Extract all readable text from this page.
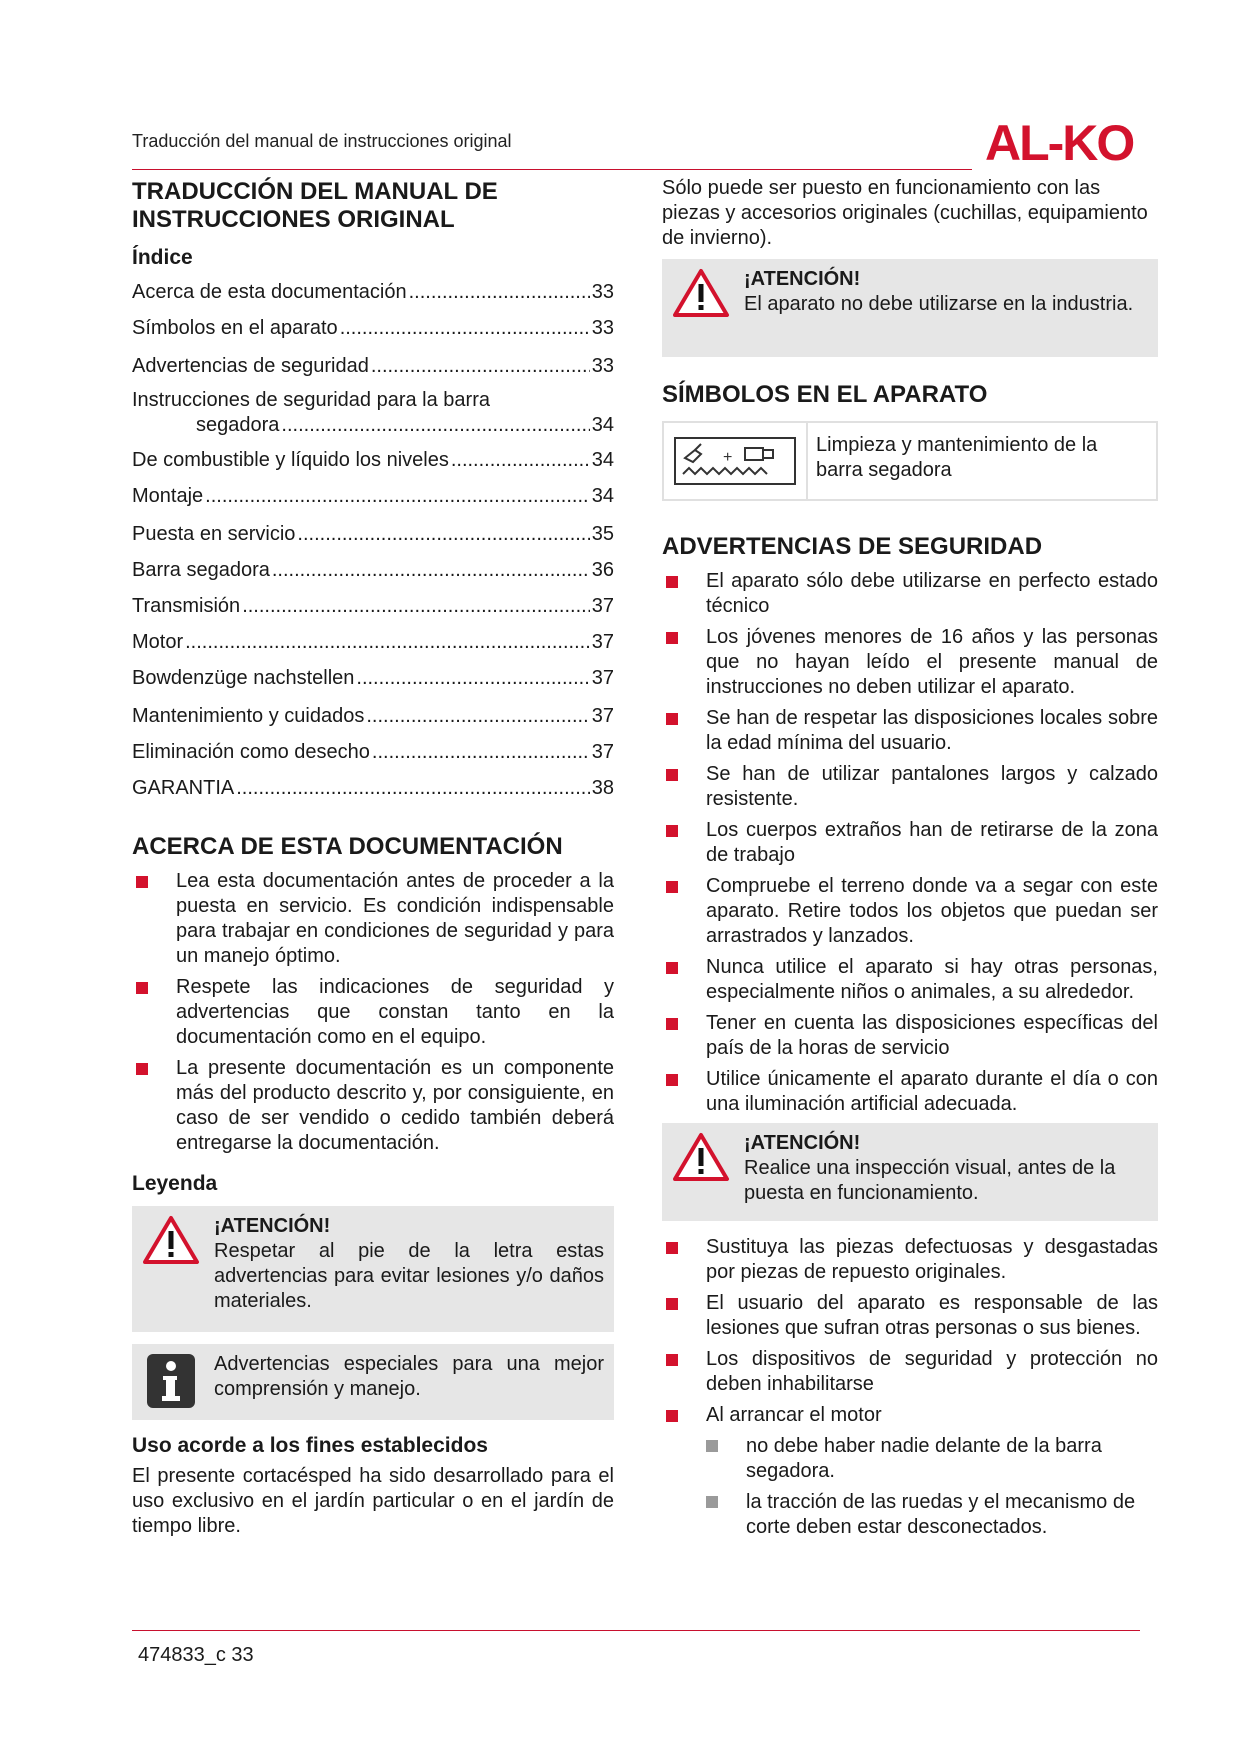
Traducción del manual de instrucciones original	AL-KO
TRADUCCIÓN DEL MANUAL DE INSTRUCCIONES ORIGINAL
Índice
Acerca de esta documentación .....	33
Símbolos en el aparato .....	33
Advertencias de seguridad .....	33
Instrucciones de seguridad para la barra
segadora .....	34
De combustible y líquido los niveles .....	34
Montaje .....	34
Puesta en servicio .....	35
Barra segadora .....	36
Transmisión .....	37
Motor .....	37
Bowdenzüge nachstellen .....	37
Mantenimiento y cuidados .....	37
Eliminación como desecho .....	37
GARANTIA .....	38
ACERCA DE ESTA DOCUMENTACIÓN
Lea esta documentación antes de proceder a la puesta en servicio. Es condición indispensable para trabajar en condiciones de seguridad y para un manejo óptimo.
Respete las indicaciones de seguridad y advertencias que constan tanto en la documentación como en el equipo.
La presente documentación es un componente más del producto descrito y, por consiguiente, en caso de ser vendido o cedido también deberá entregarse la documentación.
Leyenda
¡ATENCIÓN!
Respetar al pie de la letra estas advertencias para evitar lesiones y/o daños materiales.
Advertencias especiales para una mejor comprensión y manejo.
Uso acorde a los fines establecidos

El presente cortacésped ha sido desarrollado para el uso exclusivo en el jardín particular o en el jardín de tiempo libre.

Sólo puede ser puesto en funcionamiento con las piezas y accesorios originales (cuchillas, equipamiento de invierno).

¡ATENCIÓN!
El aparato no debe utilizarse en la industria.
SÍMBOLOS EN EL APARATO
+
Limpieza y mantenimiento de la barra segadora
ADVERTENCIAS DE SEGURIDAD
El aparato sólo debe utilizarse en perfecto estado técnico
Los jóvenes menores de 16 años y las personas que no hayan leído el presente manual de instrucciones no deben utilizar el aparato.
Se han de respetar las disposiciones locales sobre la edad mínima del usuario.
Se han de utilizar pantalones largos y calzado resistente.
Los cuerpos extraños han de retirarse de la zona de trabajo
Compruebe el terreno donde va a segar con este aparato. Retire todos los objetos que puedan ser arrastrados y lanzados.
Nunca utilice el aparato si hay otras personas, especialmente niños o animales, a su alrededor.
Tener en cuenta las disposiciones específicas del país de la horas de servicio
Utilice únicamente el aparato durante el día o con una iluminación artificial adecuada.
¡ATENCIÓN!
Realice una inspección visual, antes de la puesta en funcionamiento.
Sustituya las piezas defectuosas y desgastadas por piezas de repuesto originales.
El usuario del aparato es responsable de las lesiones que sufran otras personas o sus bienes.
Los dispositivos de seguridad y protección no deben inhabilitarse
Al arrancar el motor
no debe haber nadie delante de la barra segadora.
la tracción de las ruedas y el mecanismo de corte deben estar desconectados.
474833_c 33
